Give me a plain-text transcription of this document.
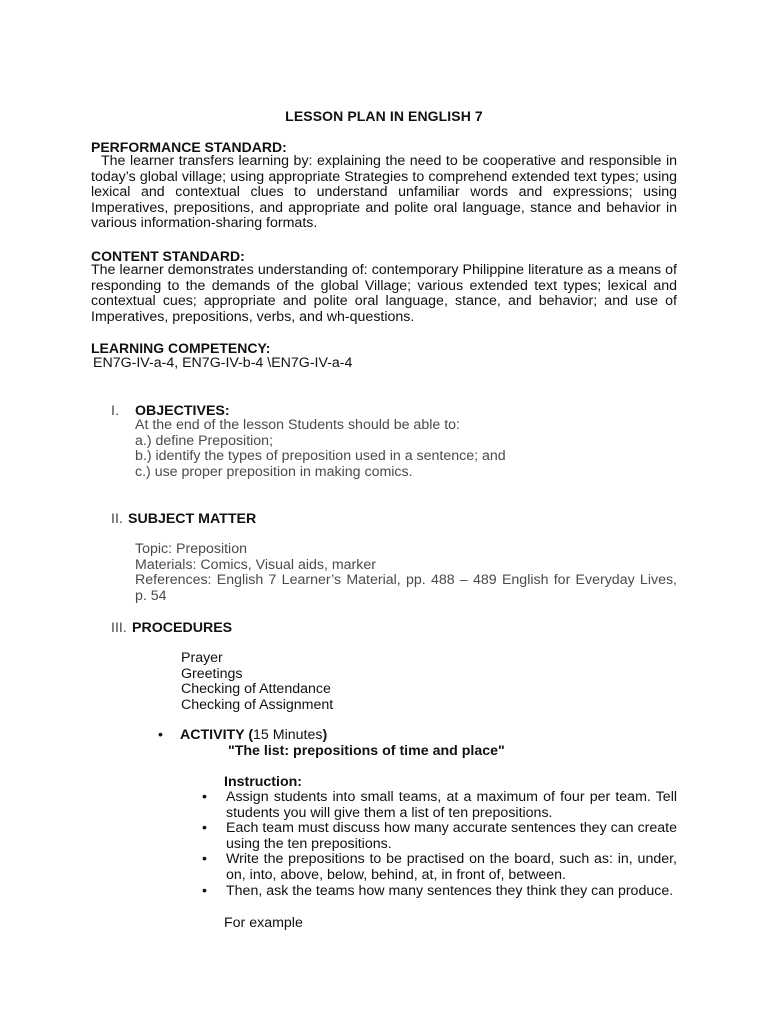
LESSON PLAN IN ENGLISH 7

PERFORMANCE STANDARD:

The learner transfers learning by: explaining the need to be cooperative and responsible in today’s global village; using appropriate Strategies to comprehend extended text types; using lexical and contextual clues to understand unfamiliar words and expressions; using Imperatives, prepositions, and appropriate and polite oral language, stance and behavior in various information-sharing formats.

CONTENT STANDARD:

The learner demonstrates understanding of: contemporary Philippine literature as a means of responding to the demands of the global Village; various extended text types; lexical and contextual cues; appropriate and polite oral language, stance, and behavior; and use of Imperatives, prepositions, verbs, and wh-questions.

LEARNING COMPETENCY:

EN7G-IV-a-4, EN7G-IV-b-4 \EN7G-IV-a-4

I. OBJECTIVES:

At the end of the lesson Students should be able to:
a.) define Preposition;
b.) identify the types of preposition used in a sentence; and
c.) use proper preposition in making comics.

II. SUBJECT MATTER

Topic: Preposition
Materials: Comics, Visual aids, marker
References: English 7 Learner’s Material, pp. 488 – 489 English for Everyday Lives, p. 54

III. PROCEDURES

Prayer
Greetings
Checking of Attendance
Checking of Assignment

• ACTIVITY (15 Minutes)

"The list: prepositions of time and place"

Instruction:

• Assign students into small teams, at a maximum of four per team. Tell students you will give them a list of ten prepositions.
• Each team must discuss how many accurate sentences they can create using the ten prepositions.
• Write the prepositions to be practised on the board, such as: in, under, on, into, above, below, behind, at, in front of, between.
• Then, ask the teams how many sentences they think they can produce.

For example
